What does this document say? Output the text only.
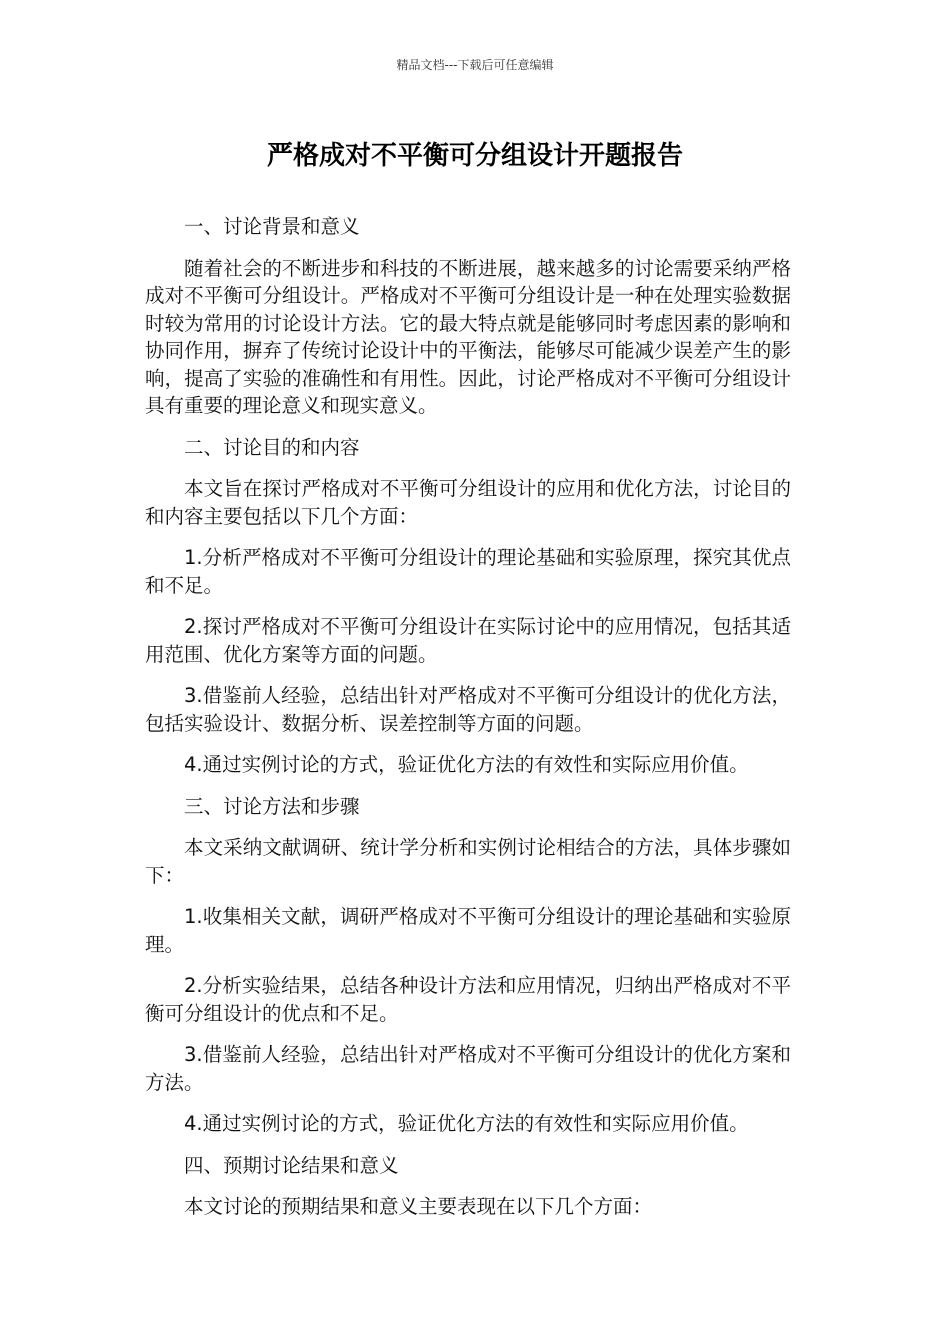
精品文档---下载后可任意编辑
严格成对不平衡可分组设计开题报告

一、讨论背景和意义

随着社会的不断进步和科技的不断进展，越来越多的讨论需要采纳严格成对不平衡可分组设计。严格成对不平衡可分组设计是一种在处理实验数据时较为常用的讨论设计方法。它的最大特点就是能够同时考虑因素的影响和协同作用，摒弃了传统讨论设计中的平衡法，能够尽可能减少误差产生的影响，提高了实验的准确性和有用性。因此，讨论严格成对不平衡可分组设计具有重要的理论意义和现实意义。

二、讨论目的和内容

本文旨在探讨严格成对不平衡可分组设计的应用和优化方法，讨论目的和内容主要包括以下几个方面：

1.分析严格成对不平衡可分组设计的理论基础和实验原理，探究其优点和不足。

2.探讨严格成对不平衡可分组设计在实际讨论中的应用情况，包括其适用范围、优化方案等方面的问题。

3.借鉴前人经验，总结出针对严格成对不平衡可分组设计的优化方法，包括实验设计、数据分析、误差控制等方面的问题。

4.通过实例讨论的方式，验证优化方法的有效性和实际应用价值。

三、讨论方法和步骤

本文采纳文献调研、统计学分析和实例讨论相结合的方法，具体步骤如下：

1.收集相关文献，调研严格成对不平衡可分组设计的理论基础和实验原理。

2.分析实验结果，总结各种设计方法和应用情况，归纳出严格成对不平衡可分组设计的优点和不足。

3.借鉴前人经验，总结出针对严格成对不平衡可分组设计的优化方案和方法。

4.通过实例讨论的方式，验证优化方法的有效性和实际应用价值。

四、预期讨论结果和意义

本文讨论的预期结果和意义主要表现在以下几个方面：
